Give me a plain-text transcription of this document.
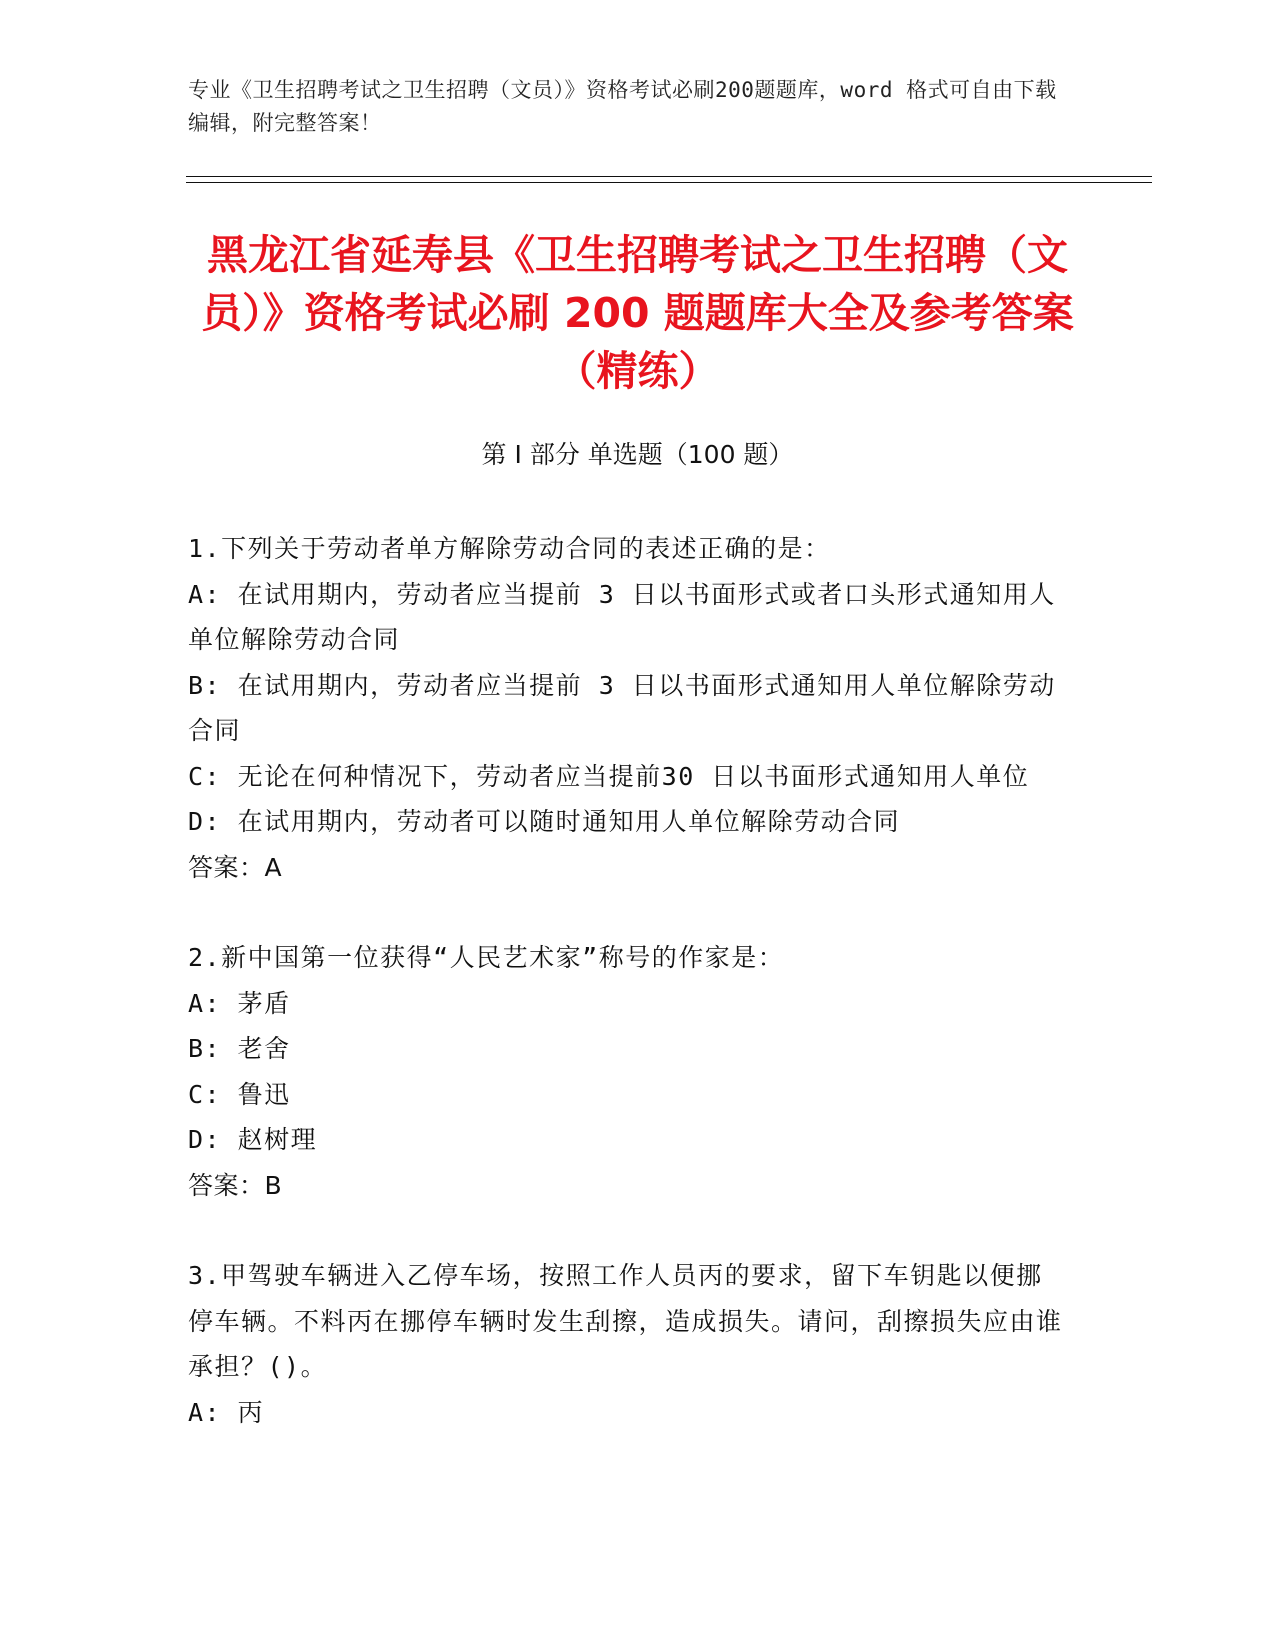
专业《卫生招聘考试之卫生招聘（文员）》资格考试必刷200题题库，word 格式可自由下载编辑，附完整答案！
黑龙江省延寿县《卫生招聘考试之卫生招聘（文员）》资格考试必刷 200 题题库大全及参考答案（精练）
第 I 部分 单选题（100 题）
1.下列关于劳动者单方解除劳动合同的表述正确的是：
A: 在试用期内，劳动者应当提前 3 日以书面形式或者口头形式通知用人单位解除劳动合同
B: 在试用期内，劳动者应当提前 3 日以书面形式通知用人单位解除劳动合同
C: 无论在何种情况下，劳动者应当提前30 日以书面形式通知用人单位
D: 在试用期内，劳动者可以随时通知用人单位解除劳动合同
答案：A
2.新中国第一位获得“人民艺术家”称号的作家是：
A: 茅盾
B: 老舍
C: 鲁迅
D: 赵树理
答案：B
3.甲驾驶车辆进入乙停车场，按照工作人员丙的要求，留下车钥匙以便挪停车辆。不料丙在挪停车辆时发生刮擦，造成损失。请问，刮擦损失应由谁承担？()。
A: 丙
